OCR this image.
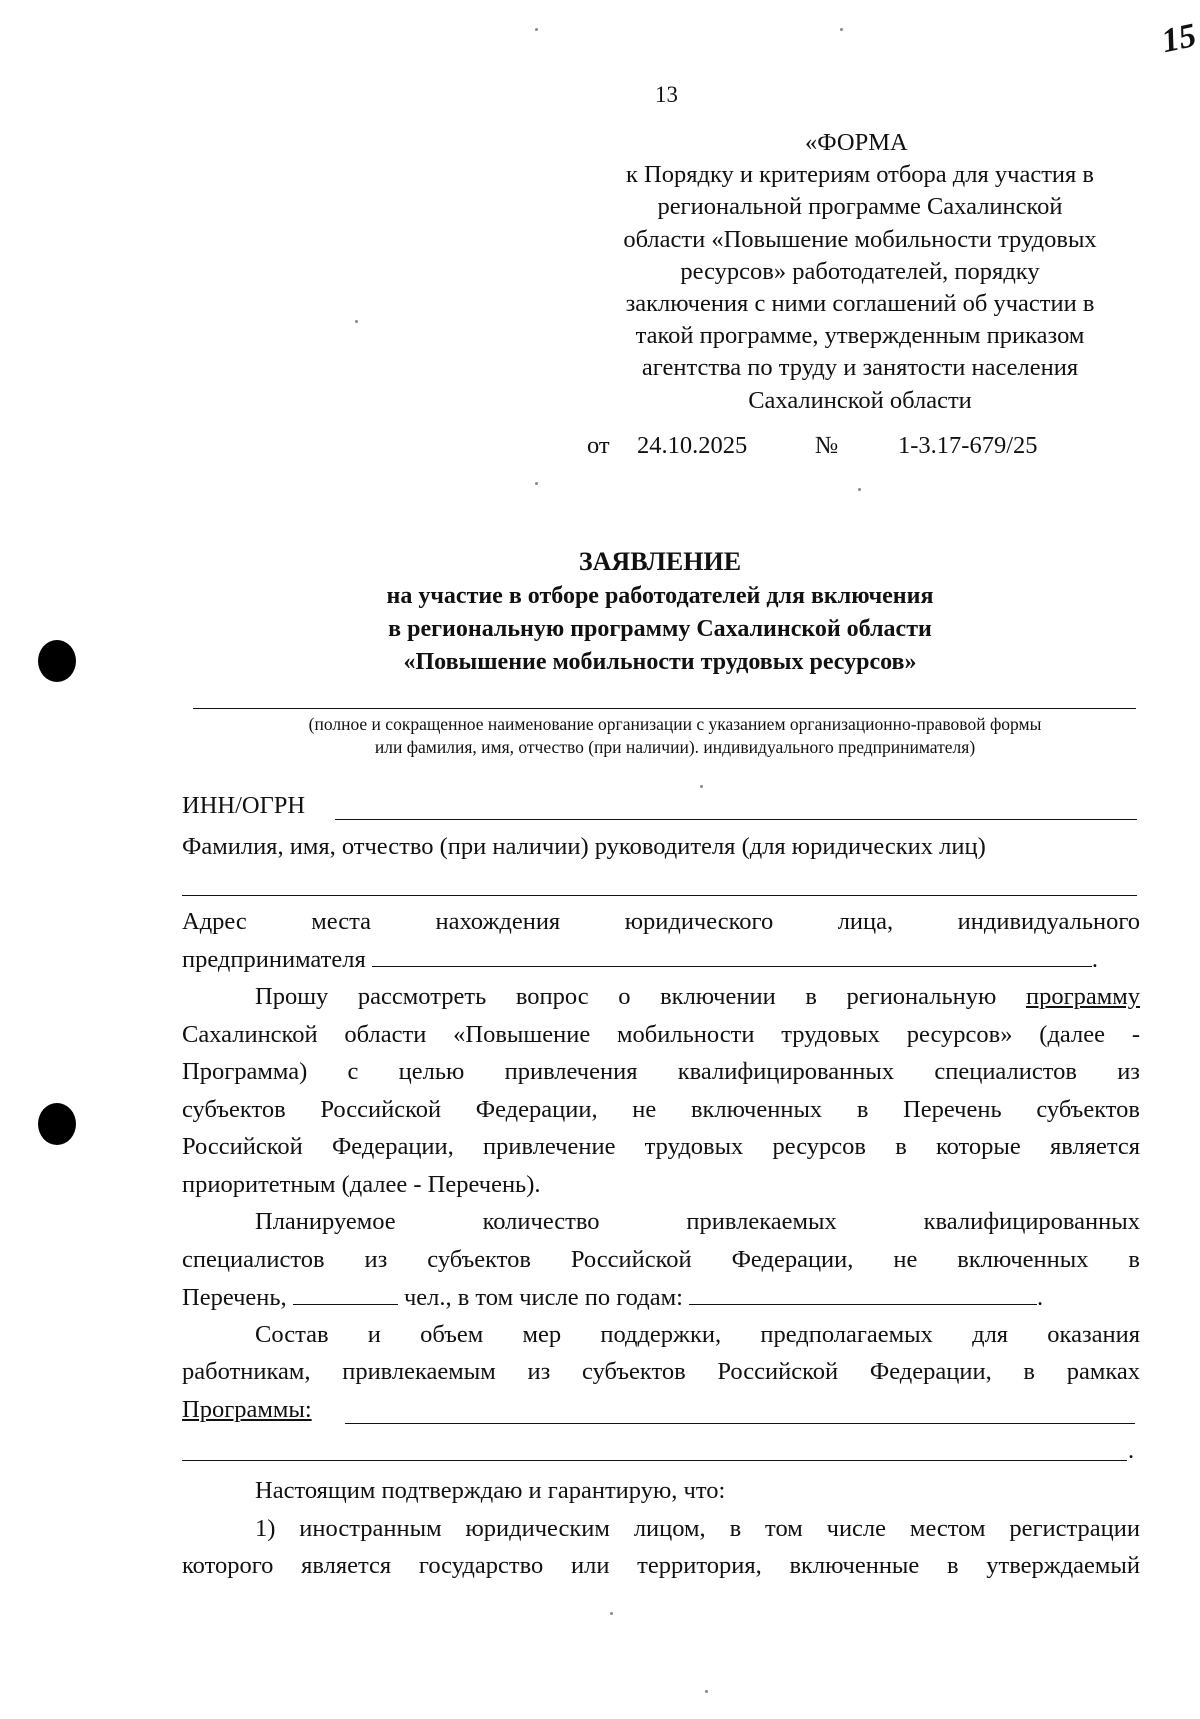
13
15
«ФОРМА
к Порядку и критериям отбора для участия в
региональной программе Сахалинской
области «Повышение мобильности трудовых
ресурсов» работодателей, порядку
заключения с ними соглашений об участии в
такой программе, утвержденным приказом
агентства по труду и занятости населения
Сахалинской области
от 24.10.2025	№ 1-3.17-679/25
ЗАЯВЛЕНИЕ
на участие в отборе работодателей для включения
в региональную программу Сахалинской области
«Повышение мобильности трудовых ресурсов»
(полное и сокращенное наименование организации с указанием организационно-правовой формы
или фамилия, имя, отчество (при наличии). индивидуального предпринимателя)
ИНН/ОГРН
Фамилия, имя, отчество (при наличии) руководителя (для юридических лиц)
Адрес	места	нахождения	юридического	лица,	индивидуального
предпринимателя	.
Прошу рассмотреть вопрос о включении в региональную программу
Сахалинской области «Повышение мобильности трудовых ресурсов» (далее -
Программа) с целью привлечения квалифицированных специалистов из
субъектов Российской Федерации, не включенных в Перечень субъектов
Российской Федерации, привлечение трудовых ресурсов в которые является
приоритетным (далее - Перечень).
Планируемое количество привлекаемых квалифицированных
специалистов из субъектов Российской Федерации, не включенных в
Перечень,	чел., в том числе по годам:	.
Состав и объем мер поддержки, предполагаемых для оказания
работникам, привлекаемым из субъектов Российской Федерации, в рамках
Программы:
.
Настоящим подтверждаю и гарантирую, что:
1) иностранным юридическим лицом, в том числе местом регистрации
которого является государство или территория, включенные в утверждаемый
